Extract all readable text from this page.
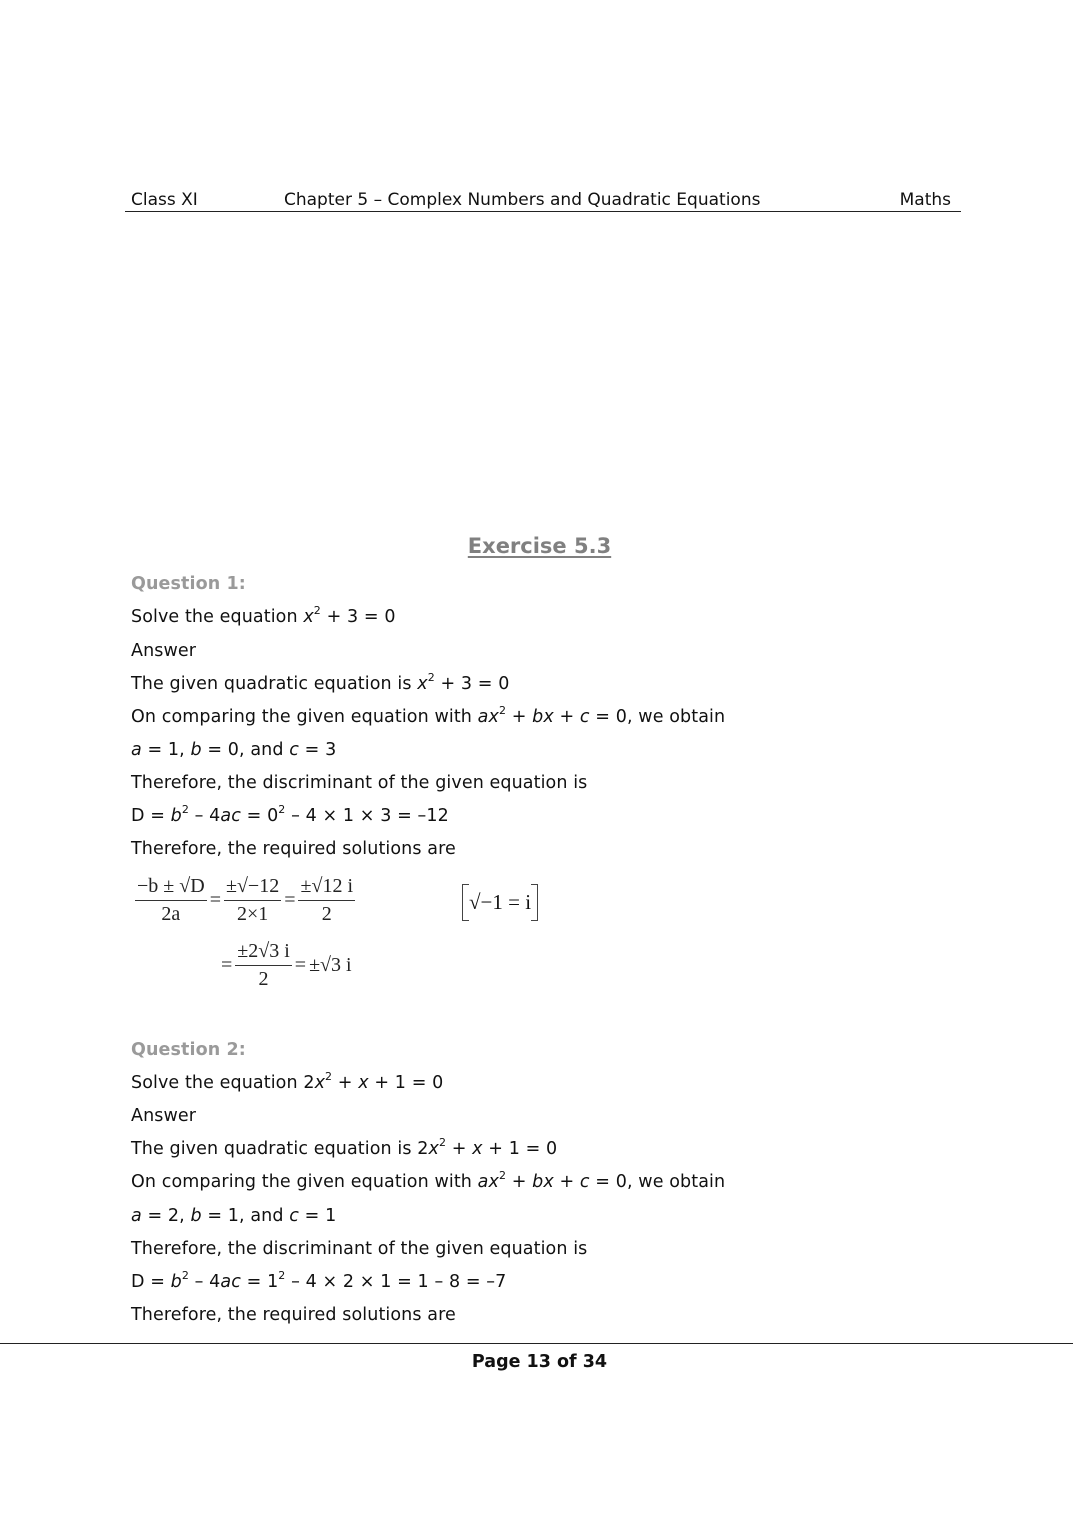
Class XI	Chapter 5 – Complex Numbers and Quadratic Equations	Maths
Exercise 5.3
Question 1:
Solve the equation $x^2 + 3 = 0$
Answer
The given quadratic equation is $x^2 + 3 = 0$
On comparing the given equation with $ax^2$ + bx + c = 0, we obtain
a = 1, b = 0, and c = 3
Therefore, the discriminant of the given equation is
$D = b^2 - 4ac = 0^2 - 4 \times 1 \times 3 = -12$
Therefore, the required solutions are
$\frac{-b \pm √D}{2a} = \frac{\pm√-12}{2\times 1} = \frac{\pm√12 i}{2}$	√−1 = i
= $\frac{\pm 2√3 i}{2} = \pm√3$ i
Question 2:
Solve the equation $2x^2 + x + 1 = 0$
Answer
The given quadratic equation is $2x^2 + x + 1 = 0$
On comparing the given equation with $ax^2$ + bx + c = 0, we obtain
a = 2, b = 1, and c = 1
Therefore, the discriminant of the given equation is
$D = b^2 - 4ac = 1^2 - 4 \times 2 \times 1 = 1 - 8 = -7$
Therefore, the required solutions are
Page 13 of 34
